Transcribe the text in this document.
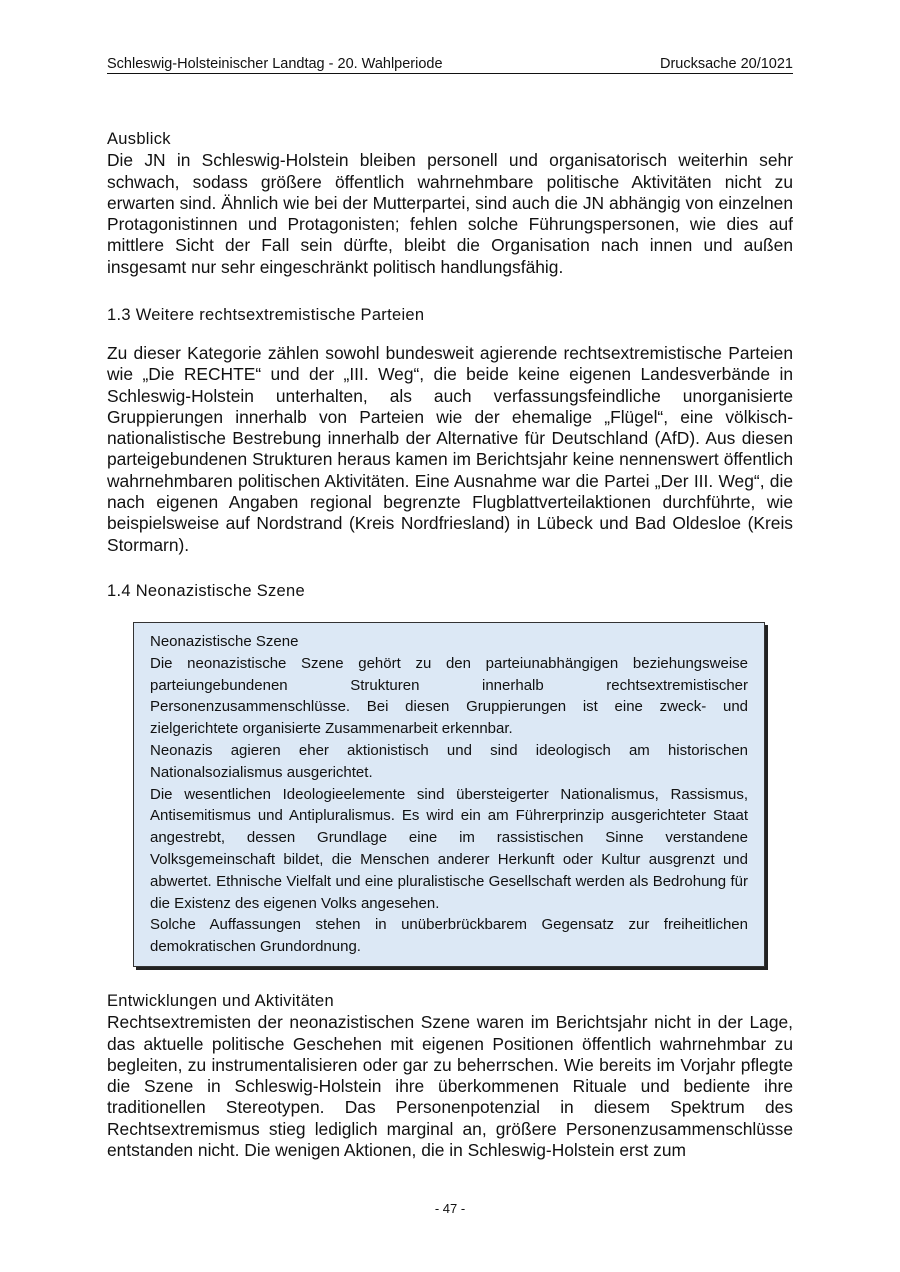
Schleswig-Holsteinischer Landtag - 20. Wahlperiode	Drucksache 20/1021
Ausblick

Die JN in Schleswig-Holstein bleiben personell und organisatorisch weiterhin sehr schwach, sodass größere öffentlich wahrnehmbare politische Aktivitäten nicht zu erwarten sind. Ähnlich wie bei der Mutterpartei, sind auch die JN abhängig von einzelnen Protagonistinnen und Protagonisten; fehlen solche Führungspersonen, wie dies auf mittlere Sicht der Fall sein dürfte, bleibt die Organisation nach innen und außen insgesamt nur sehr eingeschränkt politisch handlungsfähig.

1.3 Weitere rechtsextremistische Parteien

Zu dieser Kategorie zählen sowohl bundesweit agierende rechtsextremistische Parteien wie „Die RECHTE“ und der „III. Weg“, die beide keine eigenen Landesverbände in Schleswig-Holstein unterhalten, als auch verfassungsfeindliche unorganisierte Gruppierungen innerhalb von Parteien wie der ehemalige „Flügel“, eine völkisch-nationalistische Bestrebung innerhalb der Alternative für Deutschland (AfD). Aus diesen parteigebundenen Strukturen heraus kamen im Berichtsjahr keine nennenswert öffentlich wahrnehmbaren politischen Aktivitäten. Eine Ausnahme war die Partei „Der III. Weg“, die nach eigenen Angaben regional begrenzte Flugblattverteilaktionen durchführte, wie beispielsweise auf Nordstrand (Kreis Nordfriesland) in Lübeck und Bad Oldesloe (Kreis Stormarn).

1.4 Neonazistische Szene
Neonazistische Szene

Die neonazistische Szene gehört zu den parteiunabhängigen beziehungsweise parteiungebundenen Strukturen innerhalb rechtsextremistischer Personenzusammenschlüsse. Bei diesen Gruppierungen ist eine zweck- und zielgerichtete organisierte Zusammenarbeit erkennbar.

Neonazis agieren eher aktionistisch und sind ideologisch am historischen Nationalsozialismus ausgerichtet.

Die wesentlichen Ideologieelemente sind übersteigerter Nationalismus, Rassismus, Antisemitismus und Antipluralismus. Es wird ein am Führerprinzip ausgerichteter Staat angestrebt, dessen Grundlage eine im rassistischen Sinne verstandene Volksgemeinschaft bildet, die Menschen anderer Herkunft oder Kultur ausgrenzt und abwertet. Ethnische Vielfalt und eine pluralistische Gesellschaft werden als Bedrohung für die Existenz des eigenen Volks angesehen.

Solche Auffassungen stehen in unüberbrückbarem Gegensatz zur freiheitlichen demokratischen Grundordnung.

Entwicklungen und Aktivitäten

Rechtsextremisten der neonazistischen Szene waren im Berichtsjahr nicht in der Lage, das aktuelle politische Geschehen mit eigenen Positionen öffentlich wahrnehmbar zu begleiten, zu instrumentalisieren oder gar zu beherrschen. Wie bereits im Vorjahr pflegte die Szene in Schleswig-Holstein ihre überkommenen Rituale und bediente ihre traditionellen Stereotypen. Das Personenpotenzial in diesem Spektrum des Rechtsextremismus stieg lediglich marginal an, größere Personenzusammenschlüsse entstanden nicht. Die wenigen Aktionen, die in Schleswig-Holstein erst zum

- 47 -
